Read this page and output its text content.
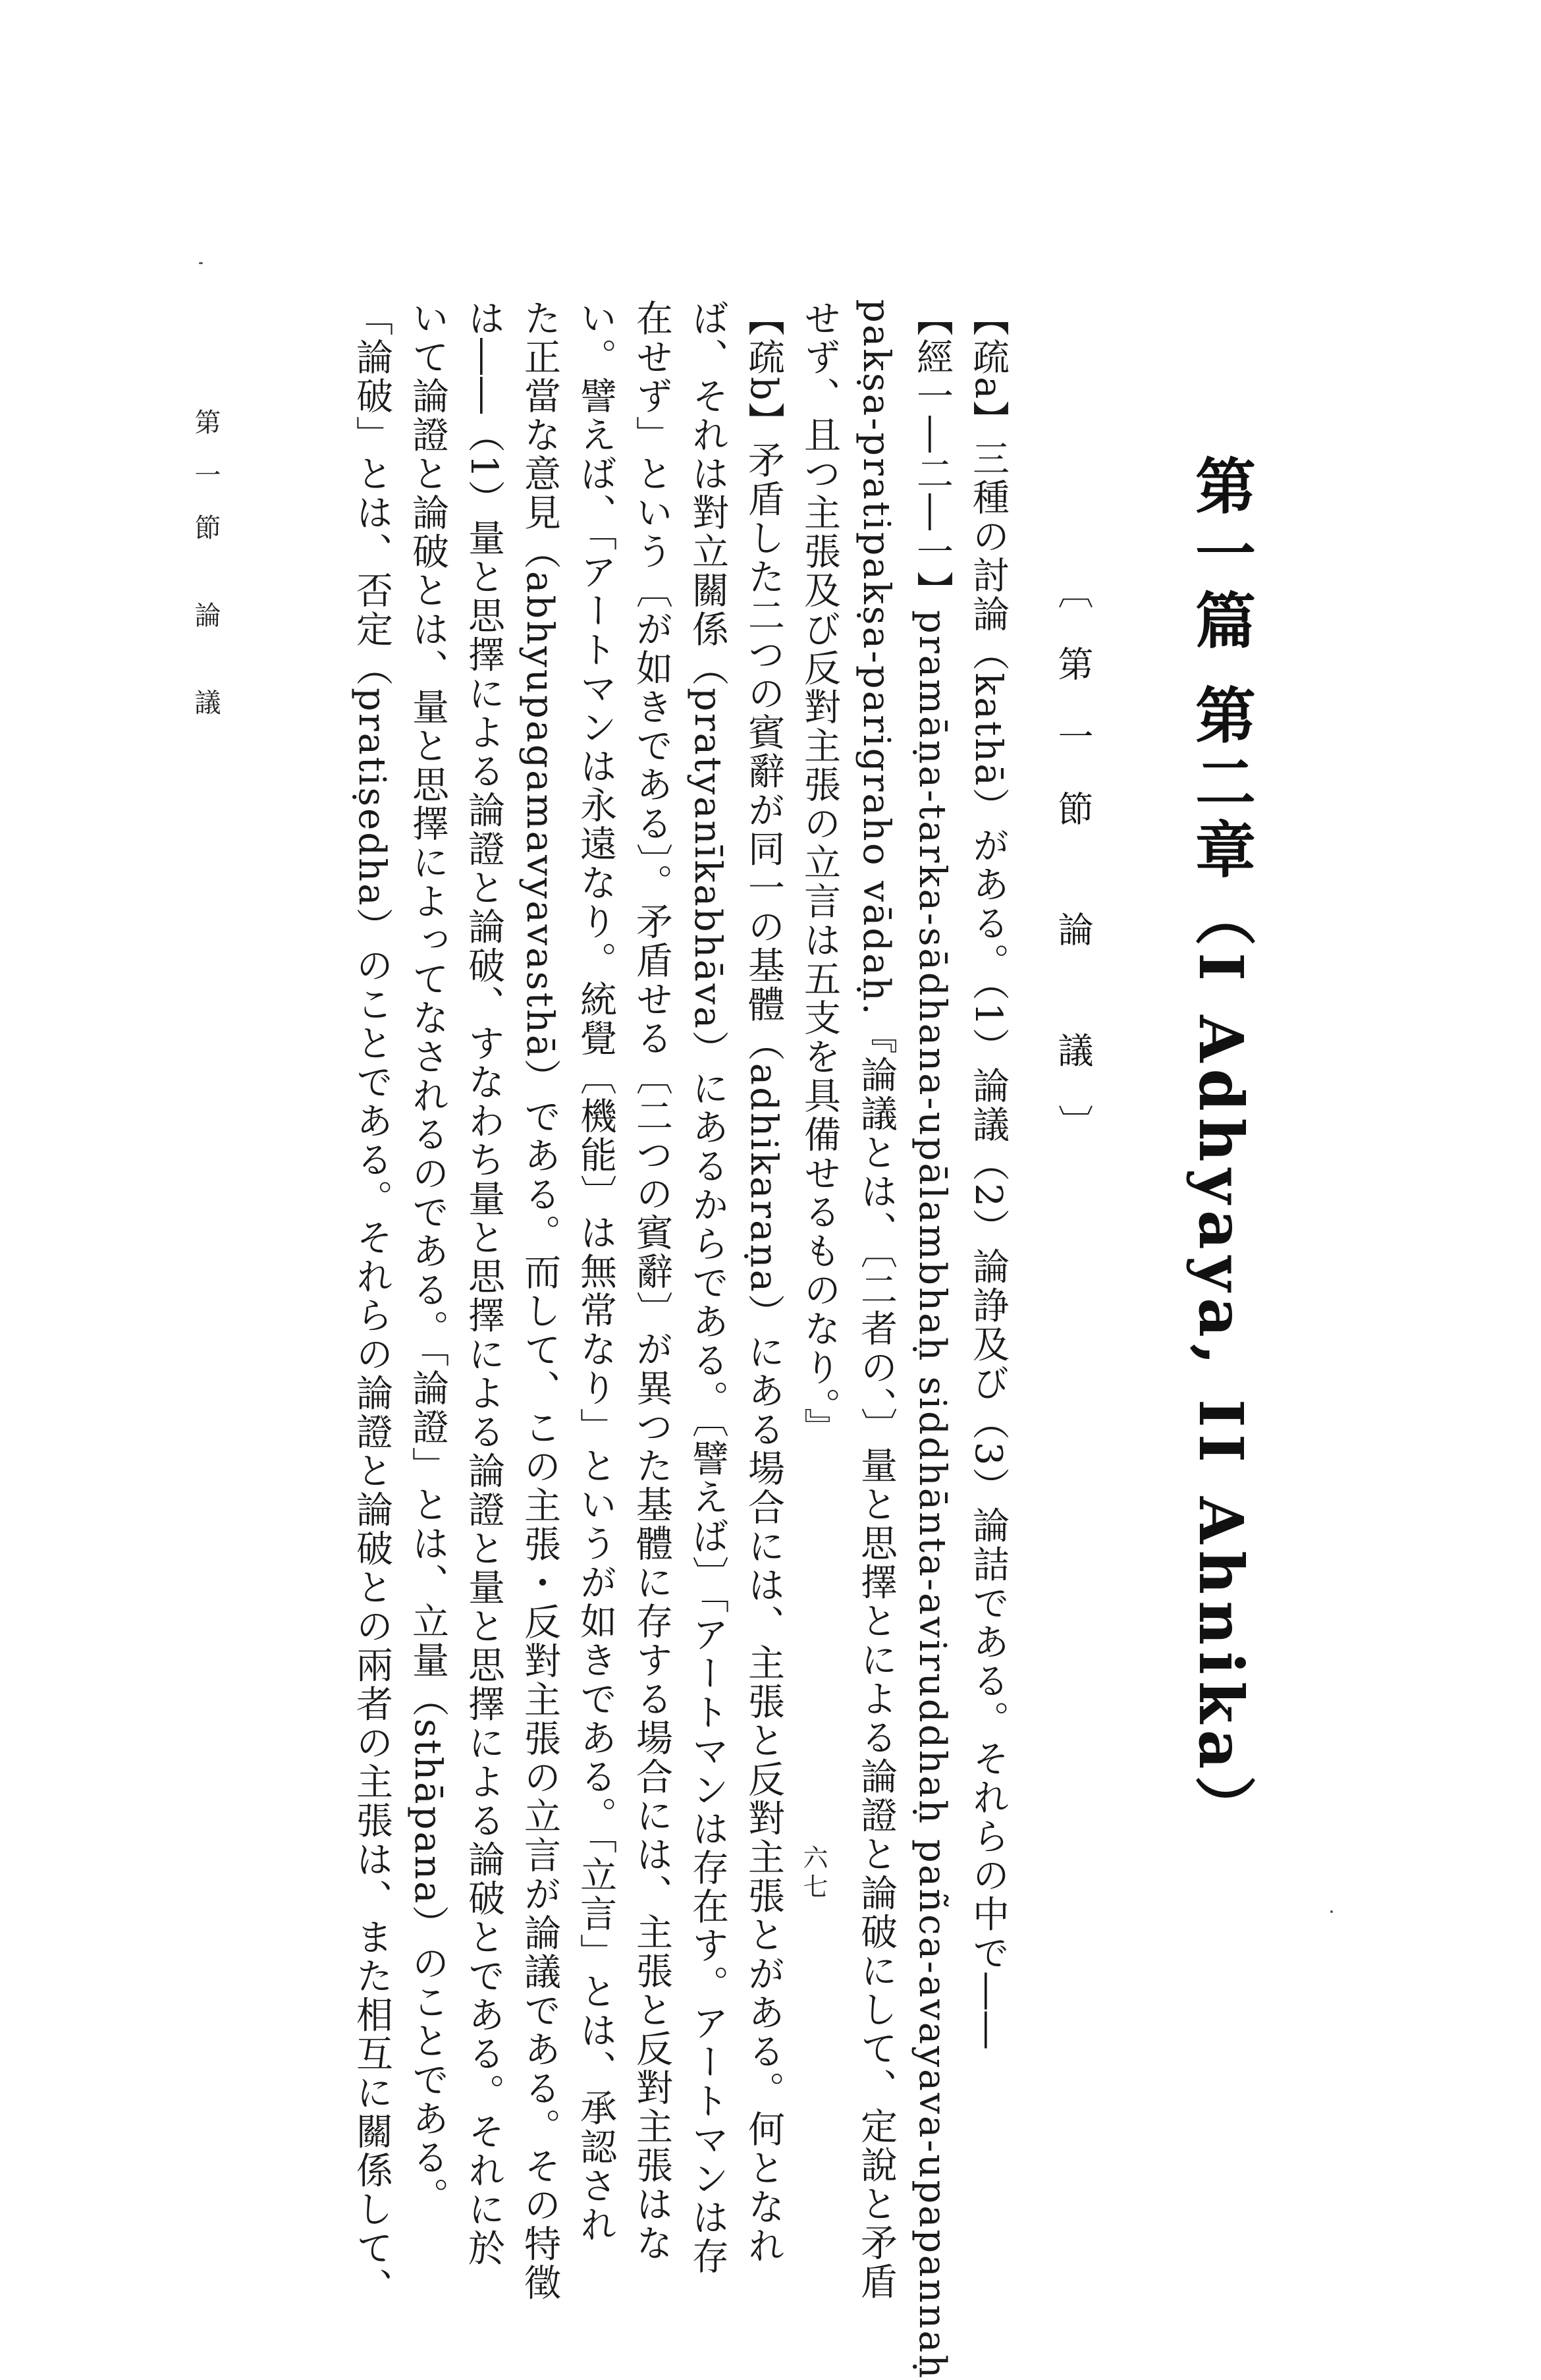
第一篇 第二章（I Adhyaya, II Ahnika）
〔第一節 論 議〕
【疏a】三種の討論（kathā）がある。（1）論議（2）論諍及び（3）論詰である。それらの中で――
【經一―二―一】pramāṇa-tarka-sādhana-upālambhaḥ siddhānta-aviruddhaḥ pañca-avayava-upapannaḥ
pakṣa-pratipakṣa-parigraho vādaḥ.『論議とは、〔二者の、〕量と思擇とによる論證と論破にして、定說と矛盾
せず、且つ主張及び反對主張の立言は五支を具備せるものなり。』
【疏b】矛盾した二つの賓辭が同一の基體（adhikaraṇa）にある場合には、主張と反對主張とがある。何となれ
ば、それは對立關係（pratyanīkabhāva）にあるからである。〔譬えば〕「アートマンは存在す。アートマンは存
在せず」という〔が如きである〕。矛盾せる〔二つの賓辭〕が異つた基體に存する場合には、主張と反對主張はな
い。譬えば、「アートマンは永遠なり。統覺〔機能〕は無常なり」というが如きである。「立言」とは、承認され
た正當な意見（abhyupagamavyavasthā）である。而して、この主張・反對主張の立言が論議である。その特徵
は――（1）量と思擇による論證と論破、すなわち量と思擇による論證と量と思擇による論破とである。それに於
いて論證と論破とは、量と思擇によってなされるのである。「論證」とは、立量（sthāpana）のことである。
「論破」とは、否定（pratiṣedha）のことである。それらの論證と論破との兩者の主張は、また相互に關係して、
第一節 論 議
六七
